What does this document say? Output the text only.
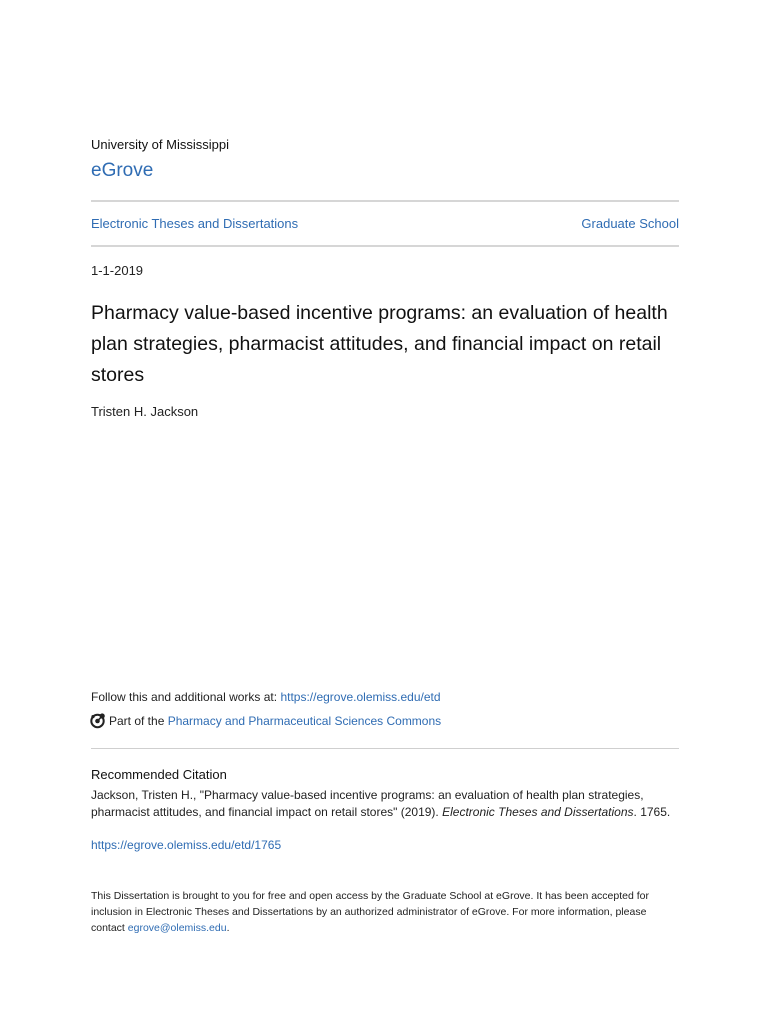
University of Mississippi
eGrove
Electronic Theses and Dissertations	Graduate School
1-1-2019
Pharmacy value-based incentive programs: an evaluation of health plan strategies, pharmacist attitudes, and financial impact on retail stores
Tristen H. Jackson
Follow this and additional works at: https://egrove.olemiss.edu/etd
Part of the Pharmacy and Pharmaceutical Sciences Commons
Recommended Citation

Jackson, Tristen H., "Pharmacy value-based incentive programs: an evaluation of health plan strategies, pharmacist attitudes, and financial impact on retail stores" (2019). Electronic Theses and Dissertations. 1765.

https://egrove.olemiss.edu/etd/1765

This Dissertation is brought to you for free and open access by the Graduate School at eGrove. It has been accepted for inclusion in Electronic Theses and Dissertations by an authorized administrator of eGrove. For more information, please contact egrove@olemiss.edu.
